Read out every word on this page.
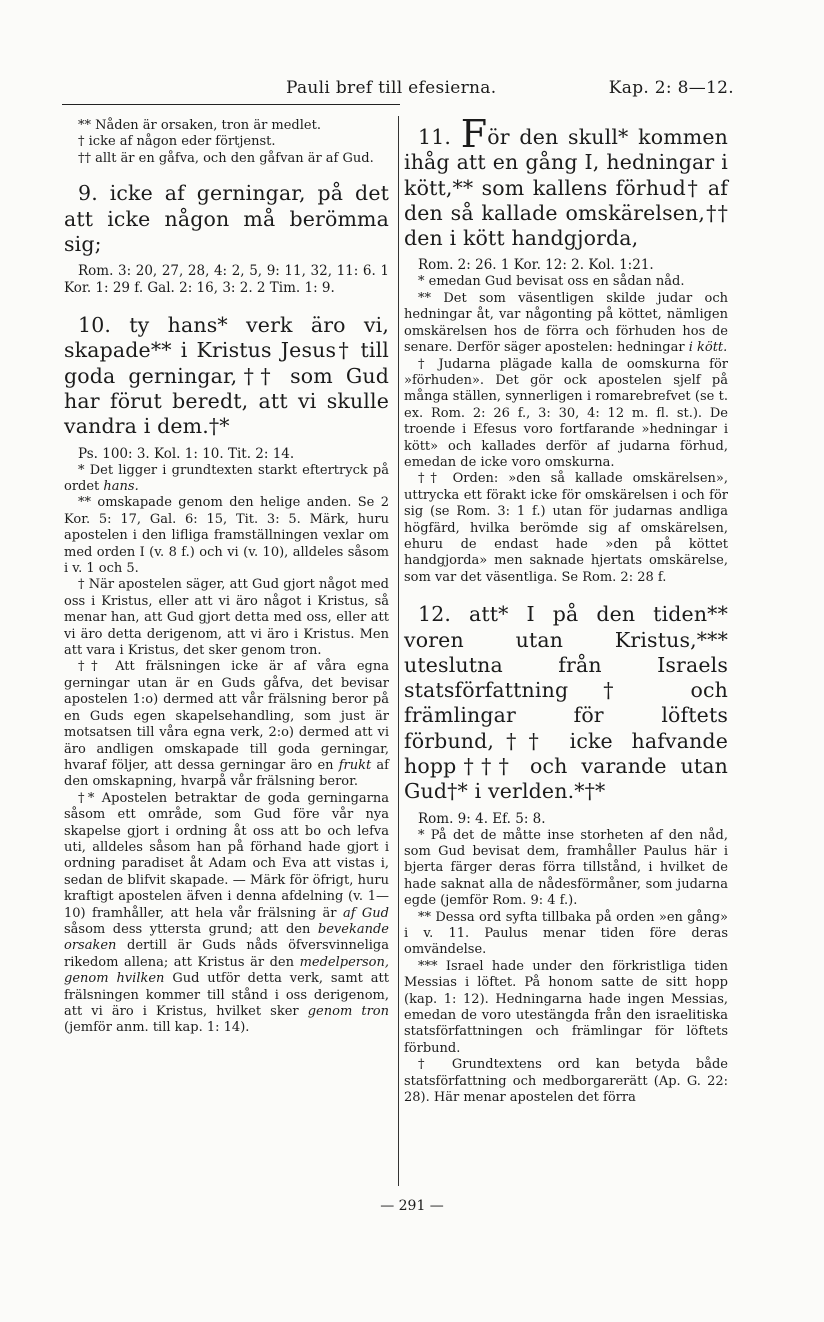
Pauli bref till efesierna.	Kap. 2: 8—12.

** Nåden är orsaken, tron är medlet.

† icke af någon eder förtjenst.

†† allt är en gåfva, och den gåfvan är af Gud.

9. icke af gerningar, på det att icke någon må berömma sig;

Rom. 3: 20, 27, 28, 4: 2, 5, 9: 11, 32, 11: 6. 1 Kor. 1: 29 f. Gal. 2: 16, 3: 2. 2 Tim. 1: 9.

10. ty hans* verk äro vi, skapade** i Kristus Jesus† till goda gerningar,†† som Gud har förut beredt, att vi skulle vandra i dem.†*

Ps. 100: 3. Kol. 1: 10. Tit. 2: 14.

* Det ligger i grundtexten starkt eftertryck på ordet hans.

** omskapade genom den helige anden. Se 2 Kor. 5: 17, Gal. 6: 15, Tit. 3: 5. Märk, huru apostelen i den lifliga framställningen vexlar om med orden I (v. 8 f.) och vi (v. 10), alldeles såsom i v. 1 och 5.

† När apostelen säger, att Gud gjort något med oss i Kristus, eller att vi äro något i Kristus, så menar han, att Gud gjort detta med oss, eller att vi äro detta derigenom, att vi äro i Kristus. Men att vara i Kristus, det sker genom tron.

†† Att frälsningen icke är af våra egna gerningar utan är en Guds gåfva, det bevisar apostelen 1:o) dermed att vår frälsning beror på en Guds egen skapelsehandling, som just är motsatsen till våra egna verk, 2:o) dermed att vi äro andligen omskapade till goda gerningar, hvaraf följer, att dessa gerningar äro en frukt af den omskapning, hvarpå vår frälsning beror.

†* Apostelen betraktar de goda gerningarna såsom ett område, som Gud före vår nya skapelse gjort i ordning åt oss att bo och lefva uti, alldeles såsom han på förhand hade gjort i ordning paradiset åt Adam och Eva att vistas i, sedan de blifvit skapade. — Märk för öfrigt, huru kraftigt apostelen äfven i denna afdelning (v. 1—10) framhåller, att hela vår frälsning är af Gud såsom dess yttersta grund; att den bevekande orsaken dertill är Guds nåds öfversvinneliga rikedom allena; att Kristus är den medelperson, genom hvilken Gud utför detta verk, samt att frälsningen kommer till stånd i oss derigenom, att vi äro i Kristus, hvilket sker genom tron (jemför anm. till kap. 1: 14).

11. För den skull* kommen ihåg att en gång I, hedningar i kött,** som kallens förhud† af den så kallade omskärelsen,†† den i kött handgjorda,

Rom. 2: 26. 1 Kor. 12: 2. Kol. 1:21.

* emedan Gud bevisat oss en sådan nåd.

** Det som väsentligen skilde judar och hedningar åt, var någonting på köttet, nämligen omskärelsen hos de förra och förhuden hos de senare. Derför säger apostelen: hedningar i kött.

† Judarna plägade kalla de oomskurna för »förhuden». Det gör ock apostelen sjelf på många ställen, synnerligen i romarebrefvet (se t. ex. Rom. 2: 26 f., 3: 30, 4: 12 m. fl. st.). De troende i Efesus voro fortfarande »hedningar i kött» och kallades derför af judarna förhud, emedan de icke voro omskurna.

†† Orden: »den så kallade omskärelsen», uttrycka ett förakt icke för omskärelsen i och för sig (se Rom. 3: 1 f.) utan för judarnas andliga högfärd, hvilka berömde sig af omskärelsen, ehuru de endast hade »den på köttet handgjorda» men saknade hjertats omskärelse, som var det väsentliga. Se Rom. 2: 28 f.

12. att* I på den tiden** voren utan Kristus,*** uteslutna från Israels statsförfattning† och främlingar för löftets förbund,†† icke hafvande hopp††† och varande utan Gud†* i verlden.*†*

Rom. 9: 4. Ef. 5: 8.

* På det de måtte inse storheten af den nåd, som Gud bevisat dem, framhåller Paulus här i bjerta färger deras förra tillstånd, i hvilket de hade saknat alla de nådesförmåner, som judarna egde (jemför Rom. 9: 4 f.).

** Dessa ord syfta tillbaka på orden »en gång» i v. 11. Paulus menar tiden före deras omvändelse.

*** Israel hade under den förkristliga tiden Messias i löftet. På honom satte de sitt hopp (kap. 1: 12). Hedningarna hade ingen Messias, emedan de voro utestängda från den israelitiska statsförfattningen och främlingar för löftets förbund.

† Grundtextens ord kan betyda både statsförfattning och medborgarerätt (Ap. G. 22: 28). Här menar apostelen det förra

— 291 —
